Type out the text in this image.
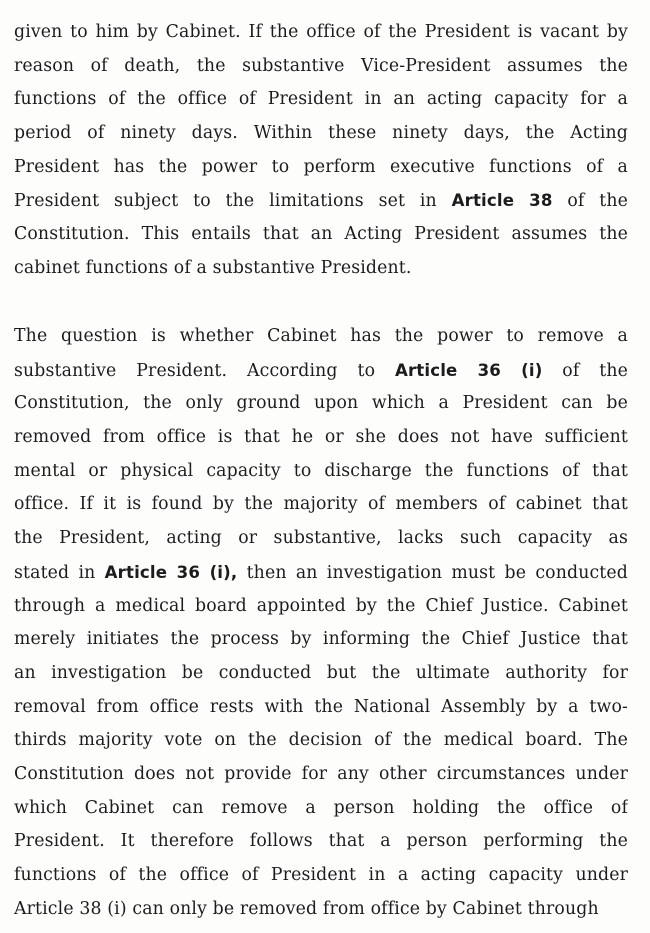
given to him by Cabinet. If the office of the President is vacant by
reason of death, the substantive Vice-President assumes the
functions of the office of President in an acting capacity for a
period of ninety days. Within these ninety days, the Acting
President has the power to perform executive functions of a
President subject to the limitations set in Article 38 of the
Constitution. This entails that an Acting President assumes the
cabinet functions of a substantive President.
The question is whether Cabinet has the power to remove a
substantive President. According to Article 36 (i) of the
Constitution, the only ground upon which a President can be
removed from office is that he or she does not have sufficient
mental or physical capacity to discharge the functions of that
office. If it is found by the majority of members of cabinet that
the President, acting or substantive, lacks such capacity as
stated in Article 36 (i), then an investigation must be conducted
through a medical board appointed by the Chief Justice. Cabinet
merely initiates the process by informing the Chief Justice that
an investigation be conducted but the ultimate authority for
removal from office rests with the National Assembly by a two-
thirds majority vote on the decision of the medical board. The
Constitution does not provide for any other circumstances under
which Cabinet can remove a person holding the office of
President. It therefore follows that a person performing the
functions of the office of President in a acting capacity under
Article 38 (i) can only be removed from office by Cabinet through
